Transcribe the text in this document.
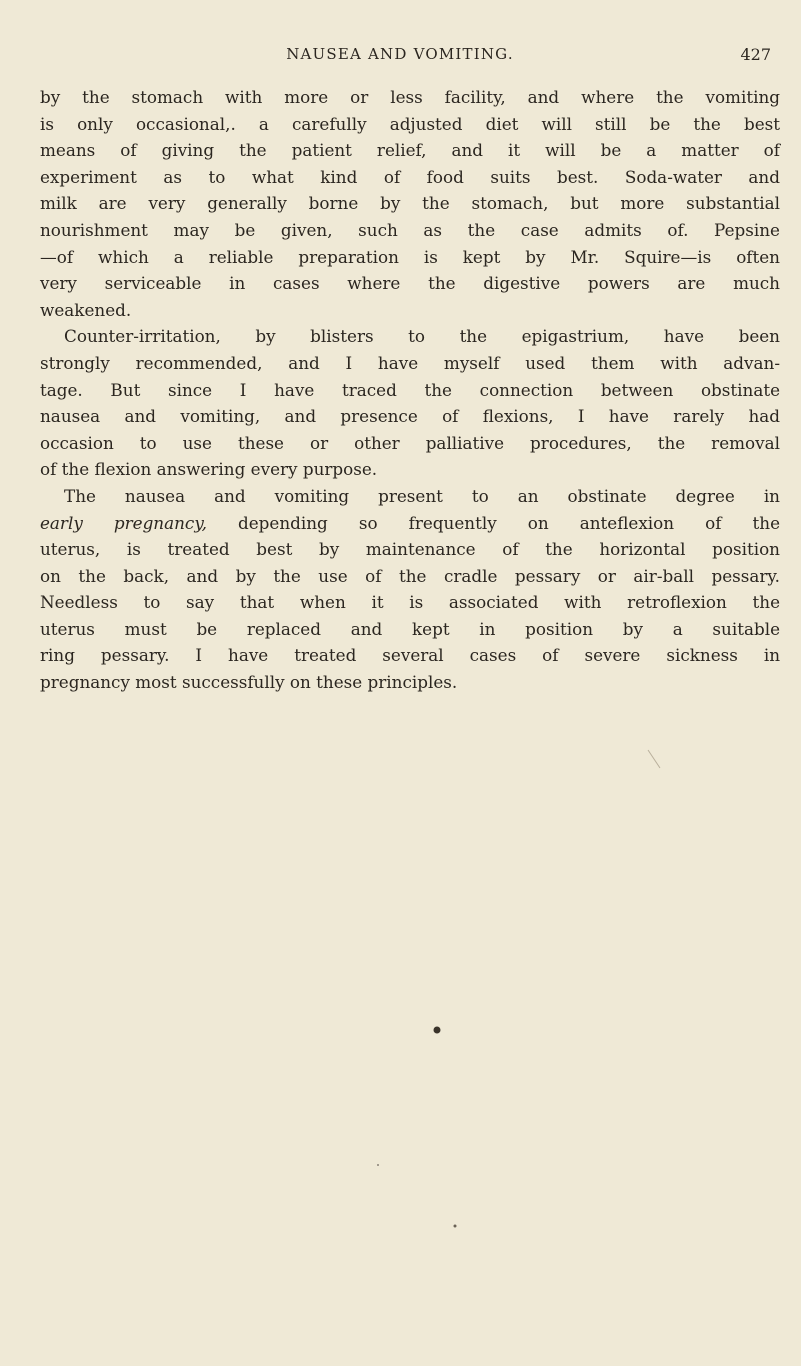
NAUSEA AND VOMITING.	427

by the stomach with more or less facility, and where the vomiting
is only occasional,. a carefully adjusted diet will still be the best
means of giving the patient relief, and it will be a matter of
experiment as to what kind of food suits best. Soda-water and
milk are very generally borne by the stomach, but more substantial
nourishment may be given, such as the case admits of. Pepsine
—of which a reliable preparation is kept by Mr. Squire—is often
very serviceable in cases where the digestive powers are much
weakened.

Counter-irritation, by blisters to the epigastrium, have been
strongly recommended, and I have myself used them with advan-
tage. But since I have traced the connection between obstinate
nausea and vomiting, and presence of flexions, I have rarely had
occasion to use these or other palliative procedures, the removal
of the flexion answering every purpose.

The nausea and vomiting present to an obstinate degree in
early pregnancy, depending so frequently on anteflexion of the
uterus, is treated best by maintenance of the horizontal position
on the back, and by the use of the cradle pessary or air-ball pessary.
Needless to say that when it is associated with retroflexion the
uterus must be replaced and kept in position by a suitable
ring pessary. I have treated several cases of severe sickness in
pregnancy most successfully on these principles.
